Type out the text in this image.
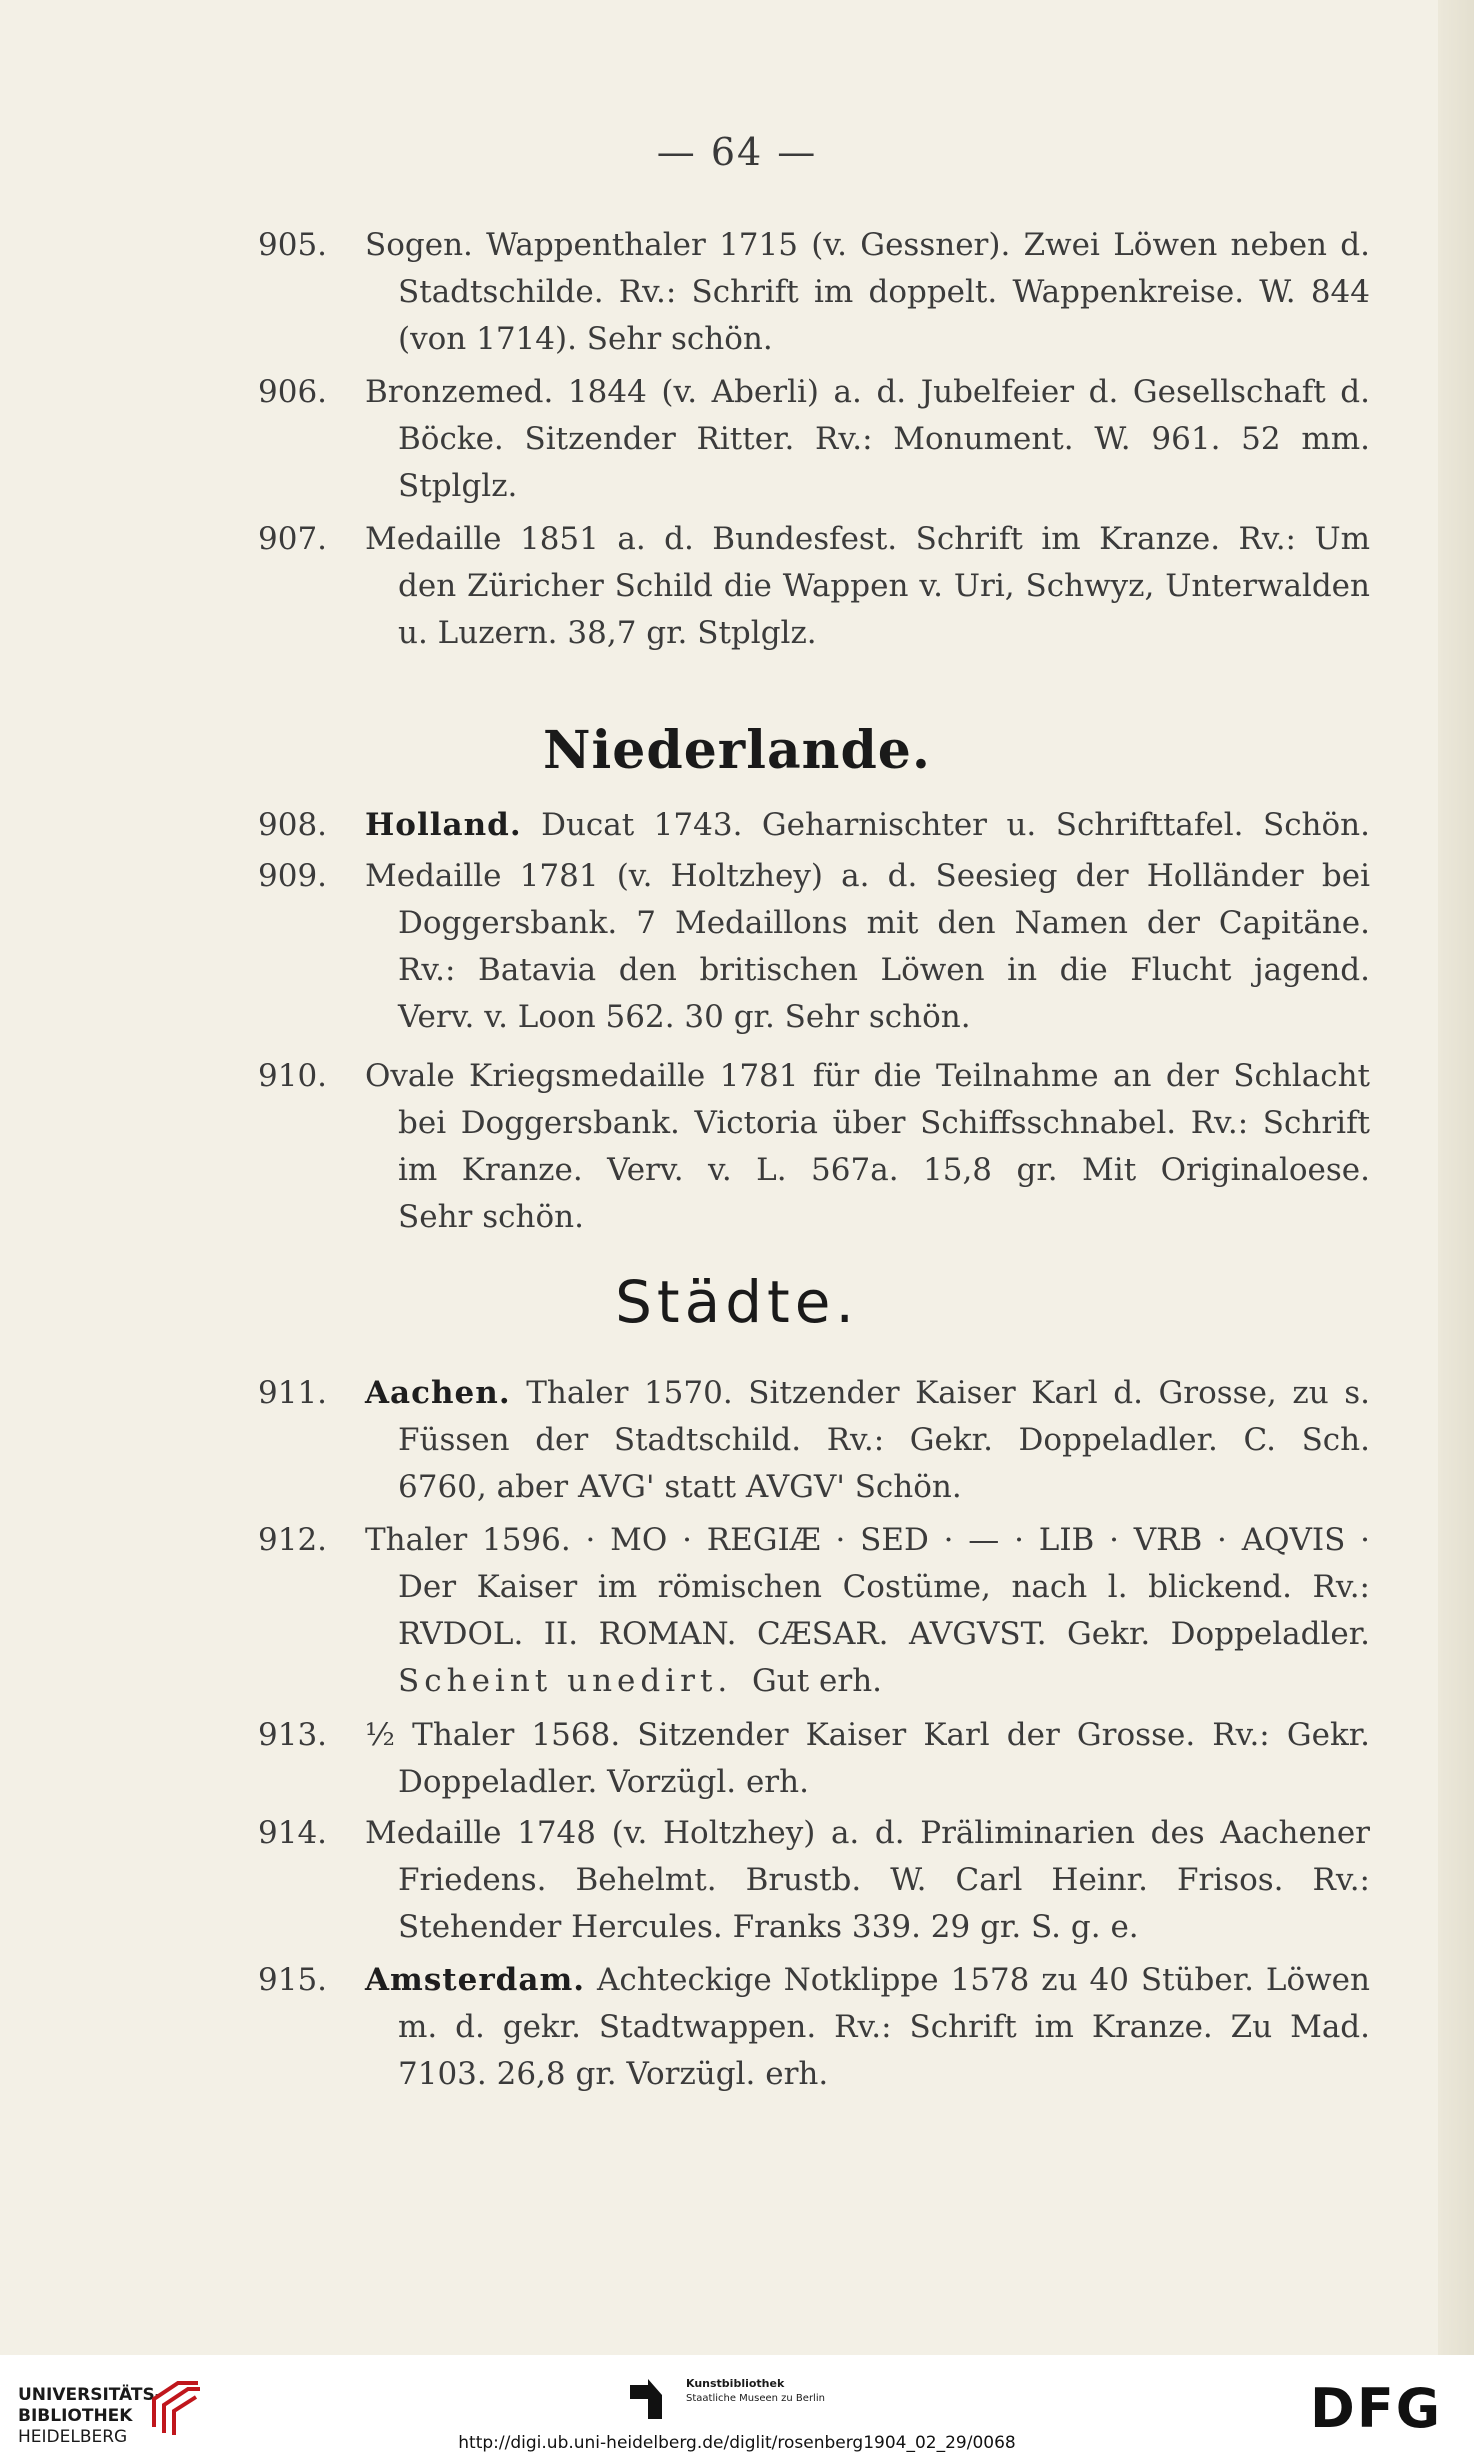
— 64 —
905. Sogen. Wappenthaler 1715 (v. Gessner). Zwei Löwen neben d.
Stadtschilde. Rv.: Schrift im doppelt. Wappenkreise. W. 844
(von 1714). Sehr schön.
906. Bronzemed. 1844 (v. Aberli) a. d. Jubelfeier d. Gesellschaft d.
Böcke. Sitzender Ritter. Rv.: Monument. W. 961. 52 mm.
Stplglz.
907. Medaille 1851 a. d. Bundesfest. Schrift im Kranze. Rv.: Um
den Züricher Schild die Wappen v. Uri, Schwyz, Unterwalden
u. Luzern. 38,7 gr. Stplglz.
Niederlande.
908. Holland. Ducat 1743. Geharnischter u. Schrifttafel. Schön.
909. Medaille 1781 (v. Holtzhey) a. d. Seesieg der Holländer bei
Doggersbank. 7 Medaillons mit den Namen der Capitäne.
Rv.: Batavia den britischen Löwen in die Flucht jagend.
Verv. v. Loon 562. 30 gr. Sehr schön.
910. Ovale Kriegsmedaille 1781 für die Teilnahme an der Schlacht
bei Doggersbank. Victoria über Schiffsschnabel. Rv.: Schrift
im Kranze. Verv. v. L. 567a. 15,8 gr. Mit Originaloese.
Sehr schön.
Städte.
911. Aachen. Thaler 1570. Sitzender Kaiser Karl d. Grosse, zu s.
Füssen der Stadtschild. Rv.: Gekr. Doppeladler. C. Sch.
6760, aber AVG' statt AVGV' Schön.
912. Thaler 1596. · MO · REGIÆ · SED · — · LIB · VRB · AQVIS ·
Der Kaiser im römischen Costüme, nach l. blickend. Rv.:
RVDOL. II. ROMAN. CÆSAR. AVGVST. Gekr. Doppeladler.
Scheint unedirt. Gut erh.
913. ½ Thaler 1568. Sitzender Kaiser Karl der Grosse. Rv.: Gekr.
Doppeladler. Vorzügl. erh.
914. Medaille 1748 (v. Holtzhey) a. d. Präliminarien des Aachener
Friedens. Behelmt. Brustb. W. Carl Heinr. Frisos. Rv.:
Stehender Hercules. Franks 339. 29 gr. S. g. e.
915. Amsterdam. Achteckige Notklippe 1578 zu 40 Stüber. Löwen
m. d. gekr. Stadtwappen. Rv.: Schrift im Kranze. Zu Mad.
7103. 26,8 gr. Vorzügl. erh.
UNIVERSITÄTS-
BIBLIOTHEK
HEIDELBERG
Kunstbibliothek
Staatliche Museen zu Berlin	DFG
http://digi.ub.uni-heidelberg.de/diglit/rosenberg1904_02_29/0068
